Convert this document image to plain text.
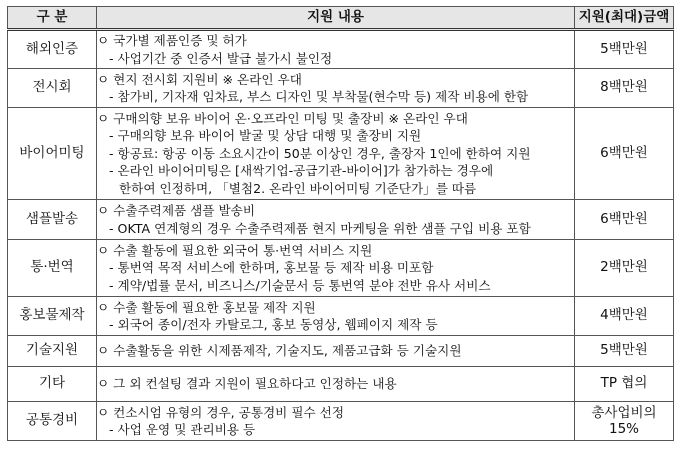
구 분	지원 내용	지원(최대)금액
해외인증	ㅇ 국가별 제품인증 및 허가
- 사업기간 중 인증서 발급 불가시 불인정	5백만원
전시회	ㅇ 현지 전시회 지원비 ※ 온라인 우대
- 참가비, 기자재 임차료, 부스 디자인 및 부착물(현수막 등) 제작 비용에 한함	8백만원
바이어미팅	ㅇ 구매의향 보유 바이어 온·오프라인 미팅 및 출장비 ※ 온라인 우대
- 구매의향 보유 바이어 발굴 및 상담 대행 및 출장비 지원
- 항공료: 항공 이동 소요시간이 50분 이상인 경우, 출장자 1인에 한하여 지원
- 온라인 바이어미팅은 [새싹기업-공급기관-바이어]가 참가하는 경우에
한하여 인정하며, 「별첨2. 온라인 바이어미팅 기준단가」를 따름	6백만원
샘플발송	ㅇ 수출주력제품 샘플 발송비
- OKTA 연계형의 경우 수출주력제품 현지 마케팅을 위한 샘플 구입 비용 포함	6백만원
통·번역	ㅇ 수출 활동에 필요한 외국어 통·번역 서비스 지원
- 통번역 목적 서비스에 한하며, 홍보물 등 제작 비용 미포함
- 계약/법률 문서, 비즈니스/기술문서 등 통번역 분야 전반 유사 서비스	2백만원
홍보물제작	ㅇ 수출 활동에 필요한 홍보물 제작 지원
- 외국어 종이/전자 카탈로그, 홍보 동영상, 웹페이지 제작 등	4백만원
기술지원	ㅇ 수출활동을 위한 시제품제작, 기술지도, 제품고급화 등 기술지원	5백만원
기타	ㅇ 그 외 컨설팅 결과 지원이 필요하다고 인정하는 내용	TP 협의
공통경비	ㅇ 컨소시엄 유형의 경우, 공통경비 필수 선정
- 사업 운영 및 관리비용 등	총사업비의 15%
